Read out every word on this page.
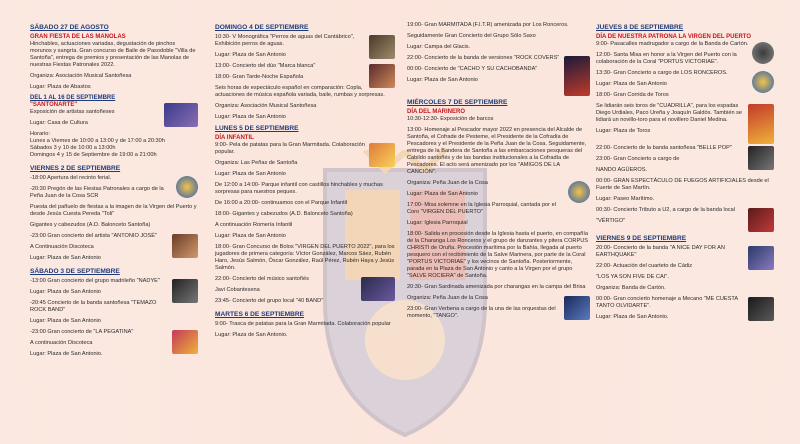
SÁBADO 27 DE AGOSTO
GRAN FIESTA DE LAS MANOLAS

Hinchables, actuaciones variadas, degustación de pinchos morunos y sangría. Gran concurso de Baile de Pasodoble "Villa de Santoña", entrega de premios y presentación de las Manolas de nuestras Fiestas Patronales 2022.

Organiza: Asociación Musical Santoñesa

Lugar: Plaza de Abastos

DEL 1 AL 16 DE SEPTIEMBRE
"SANTOÑARTE"

Exposición de artistas santoñeses

Lugar: Casa de Cultura

Horario:
Lunes a Viernes de 10:00 a 13:00 y de 17:00 a 20:30h
Sábados 3 y 10 de 10:00 a 13:00h
Domingos 4 y 15 de Septiembre de 19:00 a 21:00h
VIERNES 2 DE SEPTIEMBRE

-18:00 Apertura del recinto ferial.

-20:30 Pregón de las Fiestas Patronales a cargo de la Peña Juan de la Cosa SCR

Puesta del pañuelo de fiestas a la imagen de la Virgen del Puerto y desde Jesús Cuesta Pereda "Toli"

Gigantes y cabezudos (A.D. Balonceto Santoña)

-23:00 Gran concierto del artista "ANTONIO JOSÉ"

A Continuación Discoteca

Lugar: Plaza de San Antonio

SÁBADO 3 DE SEPTIEMBRE

-13:00 Gran concierto del grupo madrileño "NADYE"

Lugar: Plaza de San Antonio

-20:45 Concierto de la banda santoñesa "TEMAZO ROCK BAND"

Lugar: Plaza de San Antonio

-23:00 Gran concierto de "LA PEGATINA"

A continuación Discoteca

Lugar: Plaza de San Antonio.

DOMINGO 4 DE SEPTIEMBRE

10:30- V Monográfica "Perros de aguas del Cantábrico", Exhibición perros de aguas.

Lugar: Plaza de San Antonio

13:00- Concierto del dúo "Marca blanca"

18:00- Gran Tarde-Noche Española

Seis horas de espectáculo español en comparación: Copla, actuaciones de música española variada, baile, rumbas y sorpresas.

Organiza: Asociación Musical Santoñesa

Lugar: Plaza de San Antonio

LUNES 5 DE SEPTIEMBRE
DÍA INFANTIL

9:00- Pela de patatas para la Gran Marmitada. Colaboración popular.

Organiza: Las Peñas de Santoña

Lugar: Plaza de San Antonio

De 12:00 a 14:00- Parque infantil con castillos hinchables y muchas sorpresas para nuestros peques.

De 16:00 a 20:00- continuamos con el Parque Infantil

18:00- Gigantes y cabezudos (A.D. Balonceto Santoña)

A continuación Romería Infantil

Lugar: Plaza de San Antonio

18:00- Gran Concurso de Bolos "VIRGEN DEL PUERTO 2022", para los jugadores de primera categoría: Víctor González, Marcos Sáez, Rubén Haro, Jesús Salmón, Óscar González, Raúl Pérez, Rubén Haya y Jesús Salmón.

22:00- Concierto del músico santoñés

Javi Cobantesena

23:45- Concierto del grupo local "40 BAND"

MARTES 6 DE SEPTIEMBRE

9:00- Trasca de patatas para la Gran Marmitada. Colaboración popular

Lugar: Plaza de San Antonio.

19:00- Gran MARMITADA (F.I.T.R) amenizada por Los Ronceros.

Seguidamente Gran Concierto del Grupo Sólo Saxo

Lugar: Campa del Glacis.

22:00- Concierto de la banda de versiones "ROCK COVERS"

00:00- Concierto de "CACHO Y SU CACHOBANDA"

Lugar: Plaza de San Antonio

MIÉRCOLES 7 DE SEPTIEMBRE
DÍA DEL MARINERO

10:30-12:30- Exposición de barcos

13:00- Homenaje al Pescador mayor 2022 en presencia del Alcalde de Santoña, el Cofrade de Pesteme, el Presidente de la Cofradía de Pescadores y el Presidente de la Peña Juan de la Cosa. Seguidamente, entrega de la Bandera de Santoña a las embarcaciones pesqueras del Cabildo santoñés y de las bandas institucionales a la Cofradía de Pescadores. El acto será amenizado por los "AMIGOS DE LA CANCIÓN".

Organiza: Peña Juan de la Cosa

Lugar: Plaza de San Antonio

17:00- Misa solemne en la Iglesia Parroquial, cantada por el Coro "VIRGEN DEL PUERTO"

Lugar: Iglesia Parroquial

18:00- Salida en procesión desde la Iglesia hasta el puerto, en compañía de la Charanga Los Ronceros y el grupo de danzantes y pitera CORPUS CHRISTI de Oruña. Procesión marítima por la Bahía, llegada al puerto pesquero con el recibimiento de la Salve Marinera, por parte de la Coral "PORTUS VICTORIAE" y los vecinos de Santoña. Posteriormente, parada en la Plaza de San Antonio y canto a la Virgen por el grupo "SALVE ROCIERA" de Santoña.

20:30- Gran Sardinada amenizada por charangas en la campa del Brisa

Organiza: Peña Juan de la Cosa

23:00- Gran Verbena a cargo de la una de las orquestas del momento, "TANGO".

JUEVES 8 DE SEPTIEMBRE
DÍA DE NUESTRA PATRONA LA VIRGEN DEL PUERTO

9:00- Pasacalles madrugador a cargo de la Banda de Cartón.

12:00- Santa Misa en honor a la Virgen del Puerto con la colaboración de la Coral "PORTUS VICTORIAE".

13:30- Gran Concierto a cargo de LOS RONCEROS.

Lugar: Plaza de San Antonio

18:00- Gran Corrida de Toros

Se lidiarán seis toros de "CUADRILLA", para los espadas Diego Urdiales, Paco Ureña y Joaquín Galdós. También se lidiará un novillo-toro para el novillero Daniel Medina.

Lugar: Plaza de Toros

22:00- Concierto de la banda santoñesa "BELLE POP"

23:00- Gran Concierto a cargo de

NANDO AGÜEROS.

00:00- GRAN ESPECTÁCULO DE FUEGOS ARTIFICIALES desde el Fuerte de San Martín.

Lugar: Paseo Marítimo.

00:30- Concierto Tributo a U2, a cargo de la banda local

"VÉRTIGO"

VIERNES 9 DE SEPTIEMBRE

20:00- Concierto de la banda "A NICE DAY FOR AN EARTHQUAKE"

22:00- Actuación del cuarteto de Cádiz

"LOS YA SON FIVE DE CAI".

Organiza: Banda de Cartón.

00:00- Gran concierto homenaje a Mecano "ME CUESTA TANTO OLVIDARTE".

Lugar: Plaza de San Antonio.
